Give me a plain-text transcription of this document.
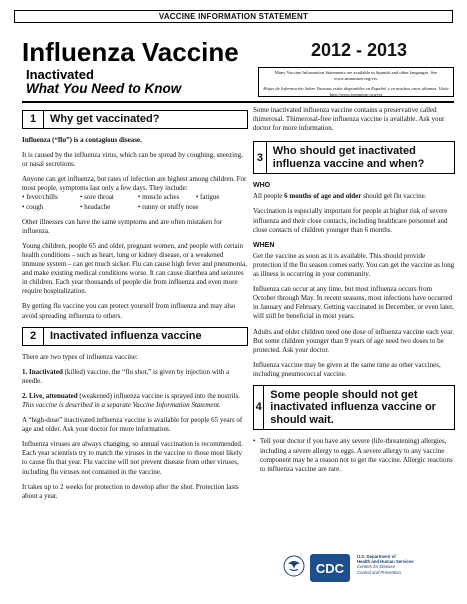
VACCINE INFORMATION STATEMENT
Influenza Vaccine
Inactivated
What You Need to Know
2012 - 2013
Many Vaccine Information Statements are available in Spanish and other languages. See www.immunize.org/vis.
Hojas de Información Sobre Vacunas están disponibles en Español y en muchos otros idiomas. Visite http://www.immunize.org/vis
1	Why get vaccinated?

Influenza (“flu”) is a contagious disease.

It is caused by the influenza virus, which can be spread by coughing, sneezing, or nasal secretions.

Anyone can get influenza, but rates of infection are highest among children. For most people, symptoms last only a few days. They include:

• fever/chills	• sore throat	• muscle aches	• fatigue
• cough	• headache	• runny or stuffy nose

Other illnesses can have the same symptoms and are often mistaken for influenza.

Young children, people 65 and older, pregnant women, and people with certain health conditions – such as heart, lung or kidney disease, or a weakened immune system – can get much sicker. Flu can cause high fever and pneumonia, and make existing medical conditions worse. It can cause diarrhea and seizures in children. Each year thousands of people die from influenza and even more require hospitalization.

By getting flu vaccine you can protect yourself from influenza and may also avoid spreading influenza to others.

2	Inactivated influenza vaccine

There are two types of influenza vaccine:

1. Inactivated (killed) vaccine, the “flu shot,” is given by injection with a needle.

2. Live, attenuated (weakened) influenza vaccine is sprayed into the nostrils. This vaccine is described in a separate Vaccine Information Statement.

A “high-dose” inactivated influenza vaccine is available for people 65 years of age and older. Ask your doctor for more information.

Influenza viruses are always changing, so annual vaccination is recommended. Each year scientists try to match the viruses in the vaccine to those most likely to cause flu that year. Flu vaccine will not prevent disease from other viruses, including flu viruses not contained in the vaccine.

It takes up to 2 weeks for protection to develop after the shot. Protection lasts about a year.

Some inactivated influenza vaccine contains a preservative called thimerosal. Thimerosal-free influenza vaccine is available. Ask your doctor for more information.

3
Who should get inactivated influenza vaccine and when?
WHO

All people 6 months of age and older should get flu vaccine.

Vaccination is especially important for people at higher risk of severe influenza and their close contacts, including healthcare personnel and close contacts of children younger than 6 months.

WHEN

Get the vaccine as soon as it is available. This should provide protection if the flu season comes early. You can get the vaccine as long as illness is occurring in your community.

Influenza can occur at any time, but most influenza occurs from October through May. In recent seasons, most infections have occurred in January and February. Getting vaccinated in December, or even later, will still be beneficial in most years.

Adults and older children need one dose of influenza vaccine each year. But some children younger than 9 years of age need two doses to be protected. Ask your doctor.

Influenza vaccine may be given at the same time as other vaccines, including pneumococcal vaccine.

4
Some people should not get inactivated influenza vaccine or should wait.
• Tell your doctor if you have any severe (life-threatening) allergies, including a severe allergy to eggs. A severe allergy to any vaccine component may be a reason not to get the vaccine. Allergic reactions to influenza vaccine are rare.
CDC
U.S. Department of
Health and Human Services
Centers for Disease
Control and Prevention
